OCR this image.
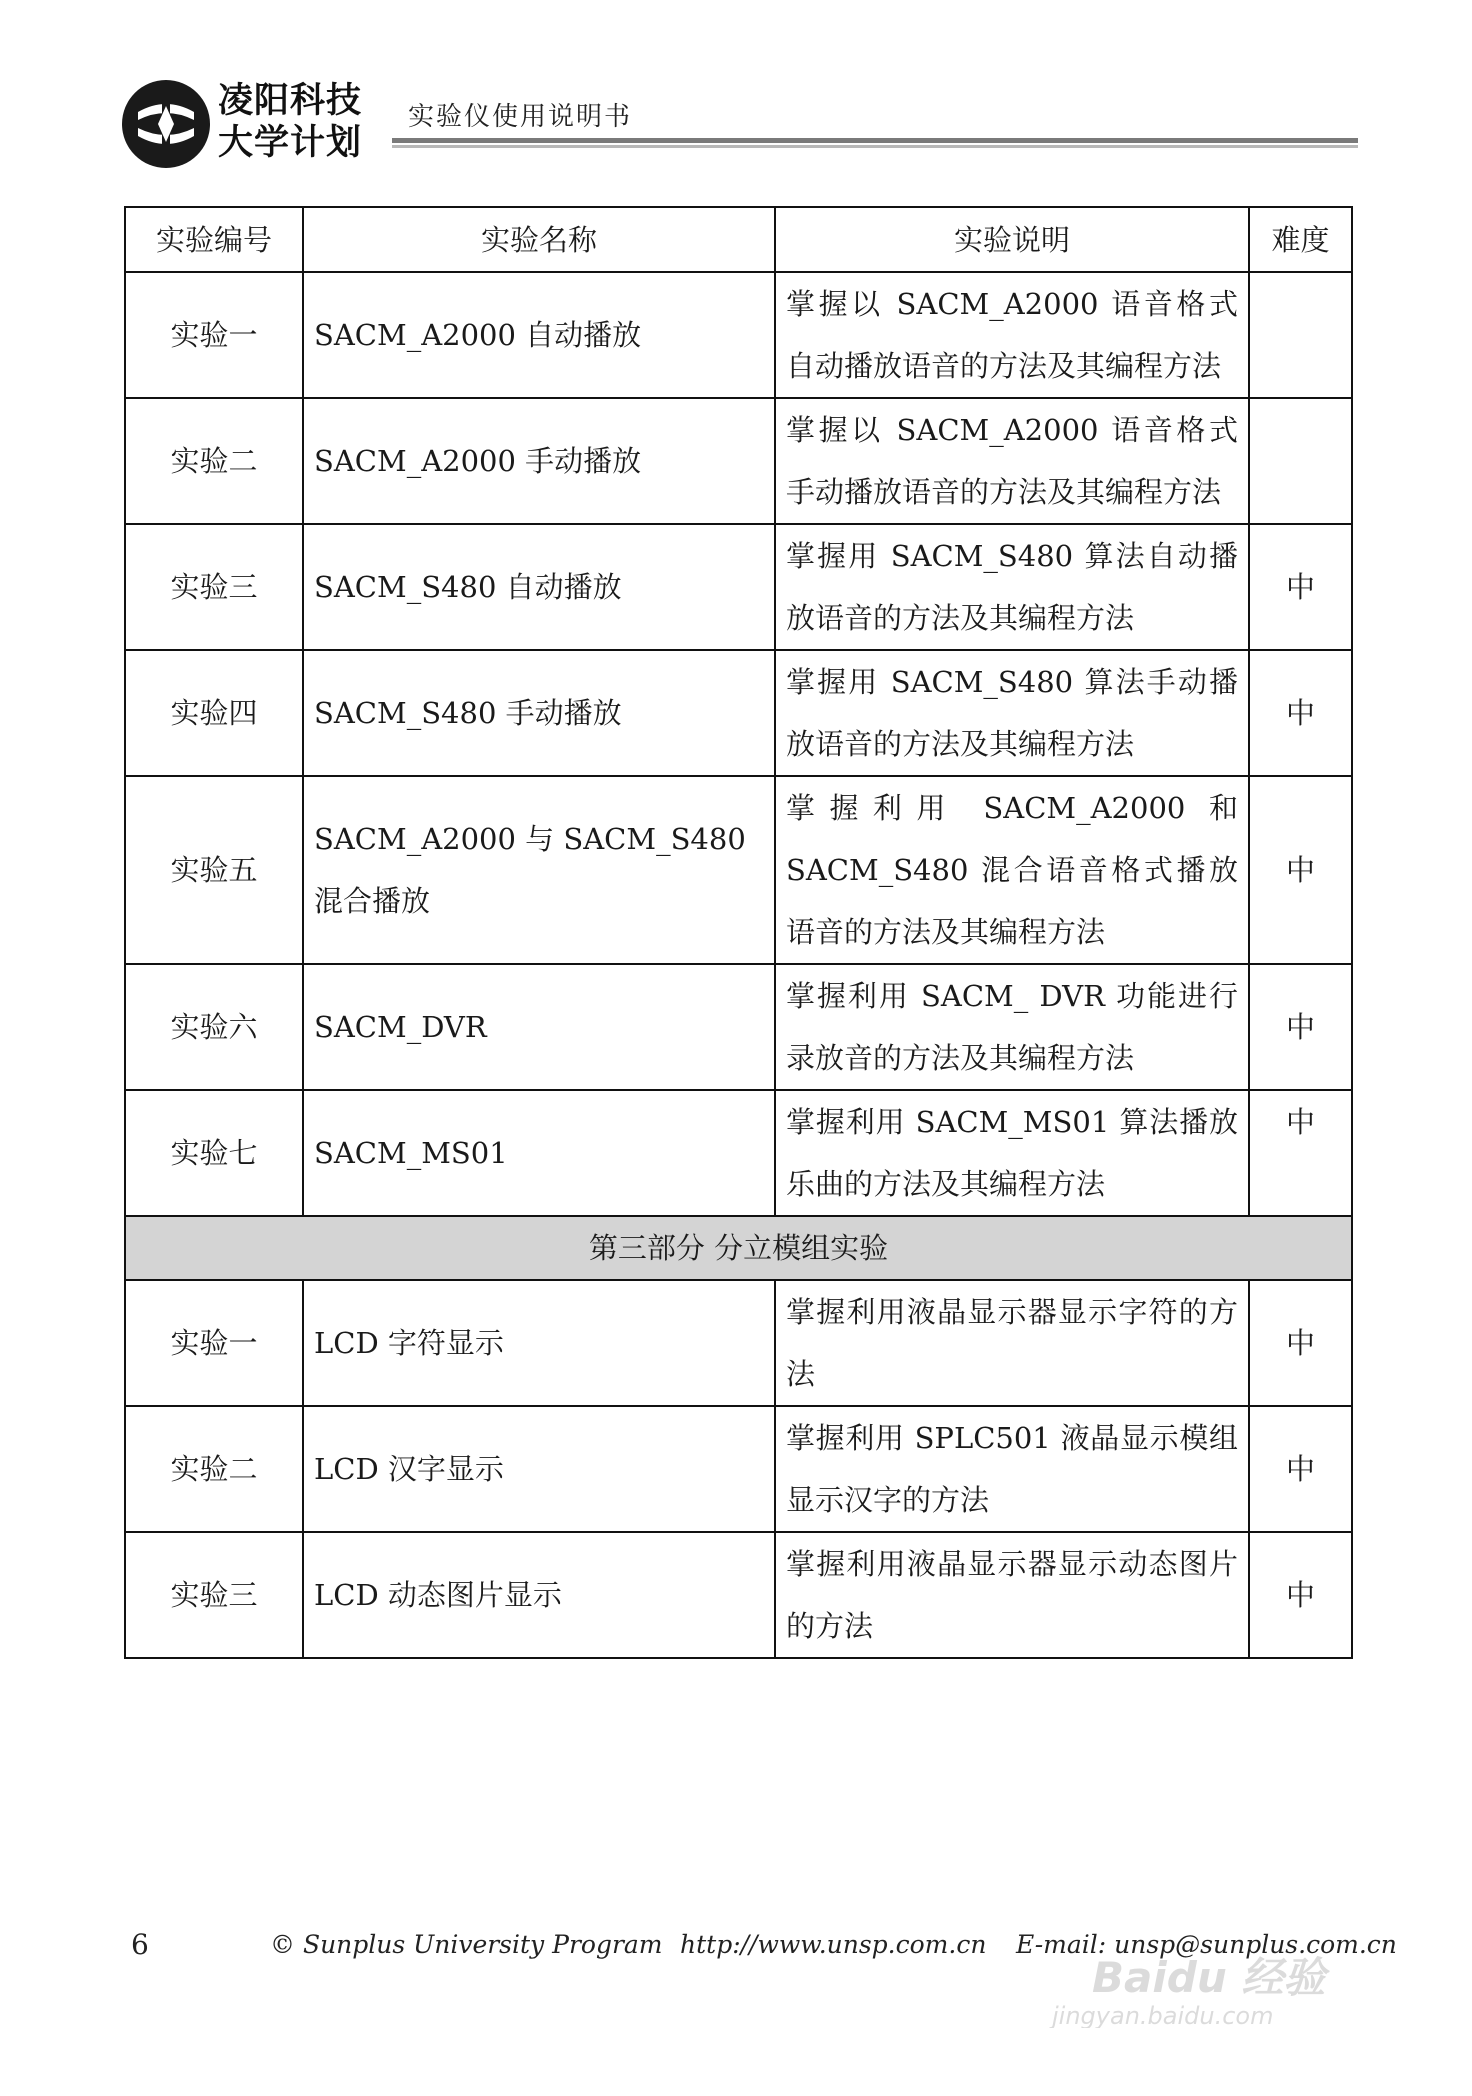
凌阳科技
大学计划
实验仪使用说明书
实验编号	实验名称	实验说明	难度
实验一	SACM_A2000 自动播放	掌握以 SACM_A2000 语音格式自动播放语音的方法及其编程方法	
实验二	SACM_A2000 手动播放	掌握以 SACM_A2000 语音格式手动播放语音的方法及其编程方法	
实验三	SACM_S480 自动播放	掌握用 SACM_S480 算法自动播放语音的方法及其编程方法	中
实验四	SACM_S480 手动播放	掌握用 SACM_S480 算法手动播放语音的方法及其编程方法	中
实验五	SACM_A2000 与 SACM_S480 混合播放	掌握利用 SACM_A2000 和 SACM_S480 混合语音格式播放语音的方法及其编程方法	中
实验六	SACM_DVR	掌握利用 SACM_ DVR 功能进行录放音的方法及其编程方法	中
实验七	SACM_MS01	掌握利用 SACM_MS01 算法播放乐曲的方法及其编程方法	中
第三部分 分立模组实验			
实验一	LCD 字符显示	掌握利用液晶显示器显示字符的方法	中
实验二	LCD 汉字显示	掌握利用 SPLC501 液晶显示模组显示汉字的方法	中
实验三	LCD 动态图片显示	掌握利用液晶显示器显示动态图片的方法	中
6	© Sunplus University Program http://www.unsp.com.cn E-mail: unsp@sunplus.com.cn
Baidu 经验
jingyan.baidu.com
